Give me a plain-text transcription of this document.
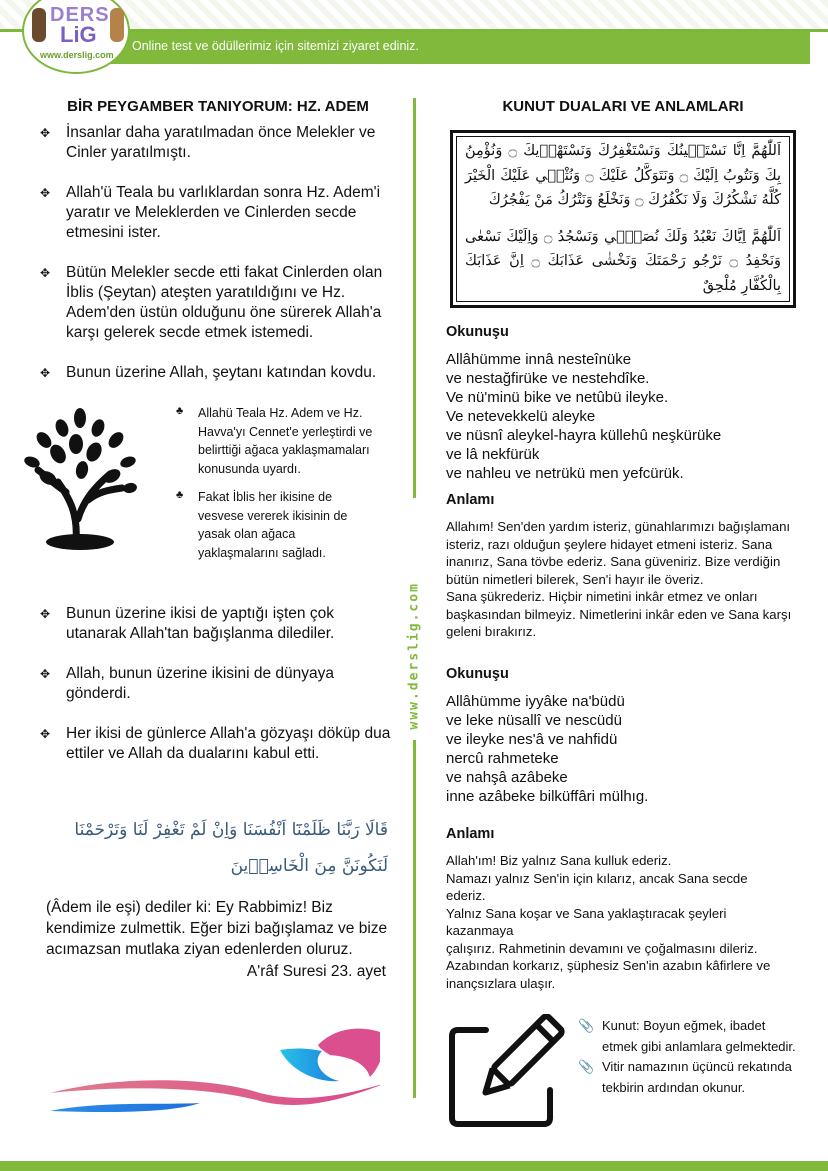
Online test ve ödüllerimiz için sitemizi ziyaret ediniz.
DERS
LiG
www.derslig.com
www.derslig.com
BİR PEYGAMBER TANIYORUM: HZ. ADEM
✥ İnsanlar daha yaratılmadan önce Melekler ve Cinler yaratılmıştı.
✥ Allah'ü Teala bu varlıklardan sonra Hz. Adem'i yaratır ve Meleklerden ve Cinlerden secde etmesini ister.
✥ Bütün Melekler secde etti fakat Cinlerden olan İblis (Şeytan) ateşten yaratıldığını ve Hz. Adem'den üstün olduğunu öne sürerek Allah'a karşı gelerek secde etmek istemedi.
✥ Bunun üzerine Allah, şeytanı katından kovdu.
♣ Allahü Teala Hz. Adem ve Hz. Havva'yı Cennet'e yerleştirdi ve belirttiği ağaca yaklaşmamaları konusunda uyardı.
♣ Fakat İblis her ikisine de vesvese vererek ikisinin de yasak olan ağaca yaklaşmalarını sağladı.
✥ Bunun üzerine ikisi de yaptığı işten çok utanarak Allah'tan bağışlanma dilediler.
✥ Allah, bunun üzerine ikisini de dünyaya gönderdi.
✥ Her ikisi de günlerce Allah'a gözyaşı döküp dua ettiler ve Allah da dualarını kabul etti.
قَالَا رَبَّنَا ظَلَمْنَٓا اَنْفُسَنَا وَاِنْ لَمْ تَغْفِرْ لَنَا وَتَرْحَمْنَا لَنَكُونَنَّ مِنَ الْخَاسِر۪ينَ
(Âdem ile eşi) dediler ki: Ey Rabbimiz! Biz kendimize zulmettik. Eğer bizi bağışlamaz ve bize acımazsan mutlaka ziyan edenlerden oluruz.
A'râf Suresi 23. ayet
KUNUT DUALARI VE ANLAMLARI

اَللّٰهُمَّ اِنَّا نَسْتَع۪ينُكَ وَنَسْتَغْفِرُكَ وَنَسْتَهْد۪يكَ ۝ وَنُؤْمِنُ بِكَ وَنَتُوبُ اِلَيْكَ ۝ وَنَتَوَكَّلُ عَلَيْكَ ۝ وَنُثْن۪ي عَلَيْكَ الْخَيْرَ كُلَّهُ نَشْكُرُكَ وَلَا نَكْفُرُكَ ۝ وَنَخْلَعُ وَنَتْرُكُ مَنْ يَفْجُرُكَ

اَللّٰهُمَّ اِيَّاكَ نَعْبُدُ وَلَكَ نُصَلّ۪ي وَنَسْجُدُ ۝ وَاِلَيْكَ نَسْعٰى وَنَحْفِدُ ۝ نَرْجُو رَحْمَتَكَ وَنَخْشٰى عَذَابَكَ ۝ اِنَّ عَذَابَكَ بِالْكُفَّارِ مُلْحِقٌ

Okunuşu
Allâhümme innâ nesteînüke
ve nestağfirüke ve nestehdîke.
Ve nü'minü bike ve netûbü ileyke.
Ve netevekkelü aleyke
ve nüsnî aleykel-hayra küllehû neşkürüke
ve lâ nekfürük
ve nahleu ve netrükü men yefcürük.
Anlamı
Allahım! Sen'den yardım isteriz, günahlarımızı bağışlamanı isteriz, razı olduğun şeylere hidayet etmeni isteriz. Sana inanırız, Sana tövbe ederiz. Sana güveniriz. Bize verdiğin bütün nimetleri bilerek, Sen'i hayır ile överiz.
Sana şükrederiz. Hiçbir nimetini inkâr etmez ve onları başkasından bilmeyiz. Nimetlerini inkâr eden ve Sana karşı geleni bırakırız.
Okunuşu
Allâhümme iyyâke na'büdü
ve leke nüsallî ve nescüdü
ve ileyke nes'â ve nahfidü
nercû rahmeteke
ve nahşâ azâbeke
inne azâbeke bilküffâri mülhıg.
Anlamı
Allah'ım! Biz yalnız Sana kulluk ederiz.
Namazı yalnız Sen'in için kılarız, ancak Sana secde
ederiz.
Yalnız Sana koşar ve Sana yaklaştıracak şeyleri
kazanmaya
çalışırız. Rahmetinin devamını ve çoğalmasını dileriz.
Azabından korkarız, şüphesiz Sen'in azabın kâfirlere ve
inançsızlara ulaşır.
📎 Kunut: Boyun eğmek, ibadet etmek gibi anlamlara gelmektedir.
📎 Vitir namazının üçüncü rekatında tekbirin ardından okunur.
